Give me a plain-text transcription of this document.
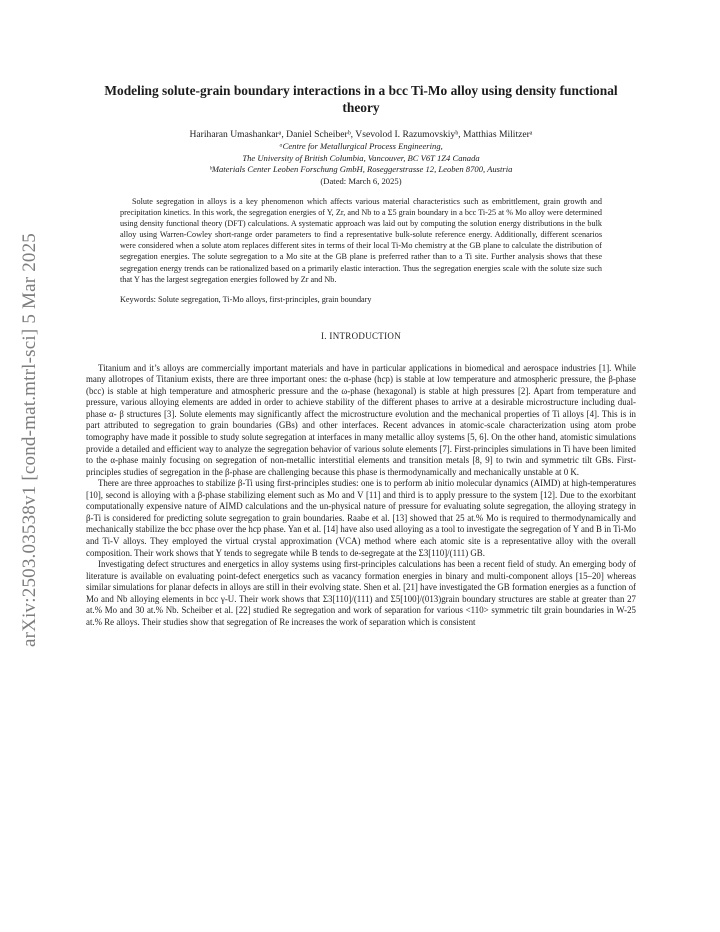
arXiv:2503.03538v1 [cond-mat.mtrl-sci] 5 Mar 2025
Modeling solute-grain boundary interactions in a bcc Ti-Mo alloy using density functional theory
Hariharan Umashankarᵃ, Daniel Scheiberᵇ, Vsevolod I. Razumovskiyᵇ, Matthias Militzerᵃ
ᵃCentre for Metallurgical Process Engineering,
The University of British Columbia, Vancouver, BC V6T 1Z4 Canada
ᵇMaterials Center Leoben Forschung GmbH, Roseggerstrasse 12, Leoben 8700, Austria
(Dated: March 6, 2025)
Solute segregation in alloys is a key phenomenon which affects various material characteristics such as embrittlement, grain growth and precipitation kinetics. In this work, the segregation energies of Y, Zr, and Nb to a Σ5 grain boundary in a bcc Ti-25 at % Mo alloy were determined using density functional theory (DFT) calculations. A systematic approach was laid out by computing the solution energy distributions in the bulk alloy using Warren-Cowley short-range order parameters to find a representative bulk-solute reference energy. Additionally, different scenarios were considered when a solute atom replaces different sites in terms of their local Ti-Mo chemistry at the GB plane to calculate the distribution of segregation energies. The solute segregation to a Mo site at the GB plane is preferred rather than to a Ti site. Further analysis shows that these segregation energy trends can be rationalized based on a primarily elastic interaction. Thus the segregation energies scale with the solute size such that Y has the largest segregation energies followed by Zr and Nb.
Keywords: Solute segregation, Ti-Mo alloys, first-principles, grain boundary
I. INTRODUCTION

Titanium and it’s alloys are commercially important materials and have in particular applications in biomedical and aerospace industries [1]. While many allotropes of Titanium exists, there are three important ones: the α-phase (hcp) is stable at low temperature and atmospheric pressure, the β-phase (bcc) is stable at high temperature and atmospheric pressure and the ω-phase (hexagonal) is stable at high pressures [2]. Apart from temperature and pressure, various alloying elements are added in order to achieve stability of the different phases to arrive at a desirable microstructure including dual-phase α- β structures [3]. Solute elements may significantly affect the microstructure evolution and the mechanical properties of Ti alloys [4]. This is in part attributed to segregation to grain boundaries (GBs) and other interfaces. Recent advances in atomic-scale characterization using atom probe tomography have made it possible to study solute segregation at interfaces in many metallic alloy systems [5, 6]. On the other hand, atomistic simulations provide a detailed and efficient way to analyze the segregation behavior of various solute elements [7]. First-principles simulations in Ti have been limited to the α-phase mainly focusing on segregation of non-metallic interstitial elements and transition metals [8, 9] to twin and symmetric tilt GBs. First-principles studies of segregation in the β-phase are challenging because this phase is thermodynamically and mechanically unstable at 0 K.

There are three approaches to stabilize β-Ti using first-principles studies: one is to perform ab initio molecular dynamics (AIMD) at high-temperatures [10], second is alloying with a β-phase stabilizing element such as Mo and V [11] and third is to apply pressure to the system [12]. Due to the exorbitant computationally expensive nature of AIMD calculations and the un-physical nature of pressure for evaluating solute segregation, the alloying strategy in β-Ti is considered for predicting solute segregation to grain boundaries. Raabe et al. [13] showed that 25 at.% Mo is required to thermodynamically and mechanically stabilize the bcc phase over the hcp phase. Yan et al. [14] have also used alloying as a tool to investigate the segregation of Y and B in Ti-Mo and Ti-V alloys. They employed the virtual crystal approximation (VCA) method where each atomic site is a representative alloy with the overall composition. Their work shows that Y tends to segregate while B tends to de-segregate at the Σ3[110]/(111) GB.

Investigating defect structures and energetics in alloy systems using first-principles calculations has been a recent field of study. An emerging body of literature is available on evaluating point-defect energetics such as vacancy formation energies in binary and multi-component alloys [15–20] whereas similar simulations for planar defects in alloys are still in their evolving state. Shen et al. [21] have investigated the GB formation energies as a function of Mo and Nb alloying elements in bcc γ-U. Their work shows that Σ3[110]/(111) and Σ5[100]/(013)grain boundary structures are stable at greater than 27 at.% Mo and 30 at.% Nb. Scheiber et al. [22] studied Re segregation and work of separation for various <110> symmetric tilt grain boundaries in W-25 at.% Re alloys. Their studies show that segregation of Re increases the work of separation which is consistent
